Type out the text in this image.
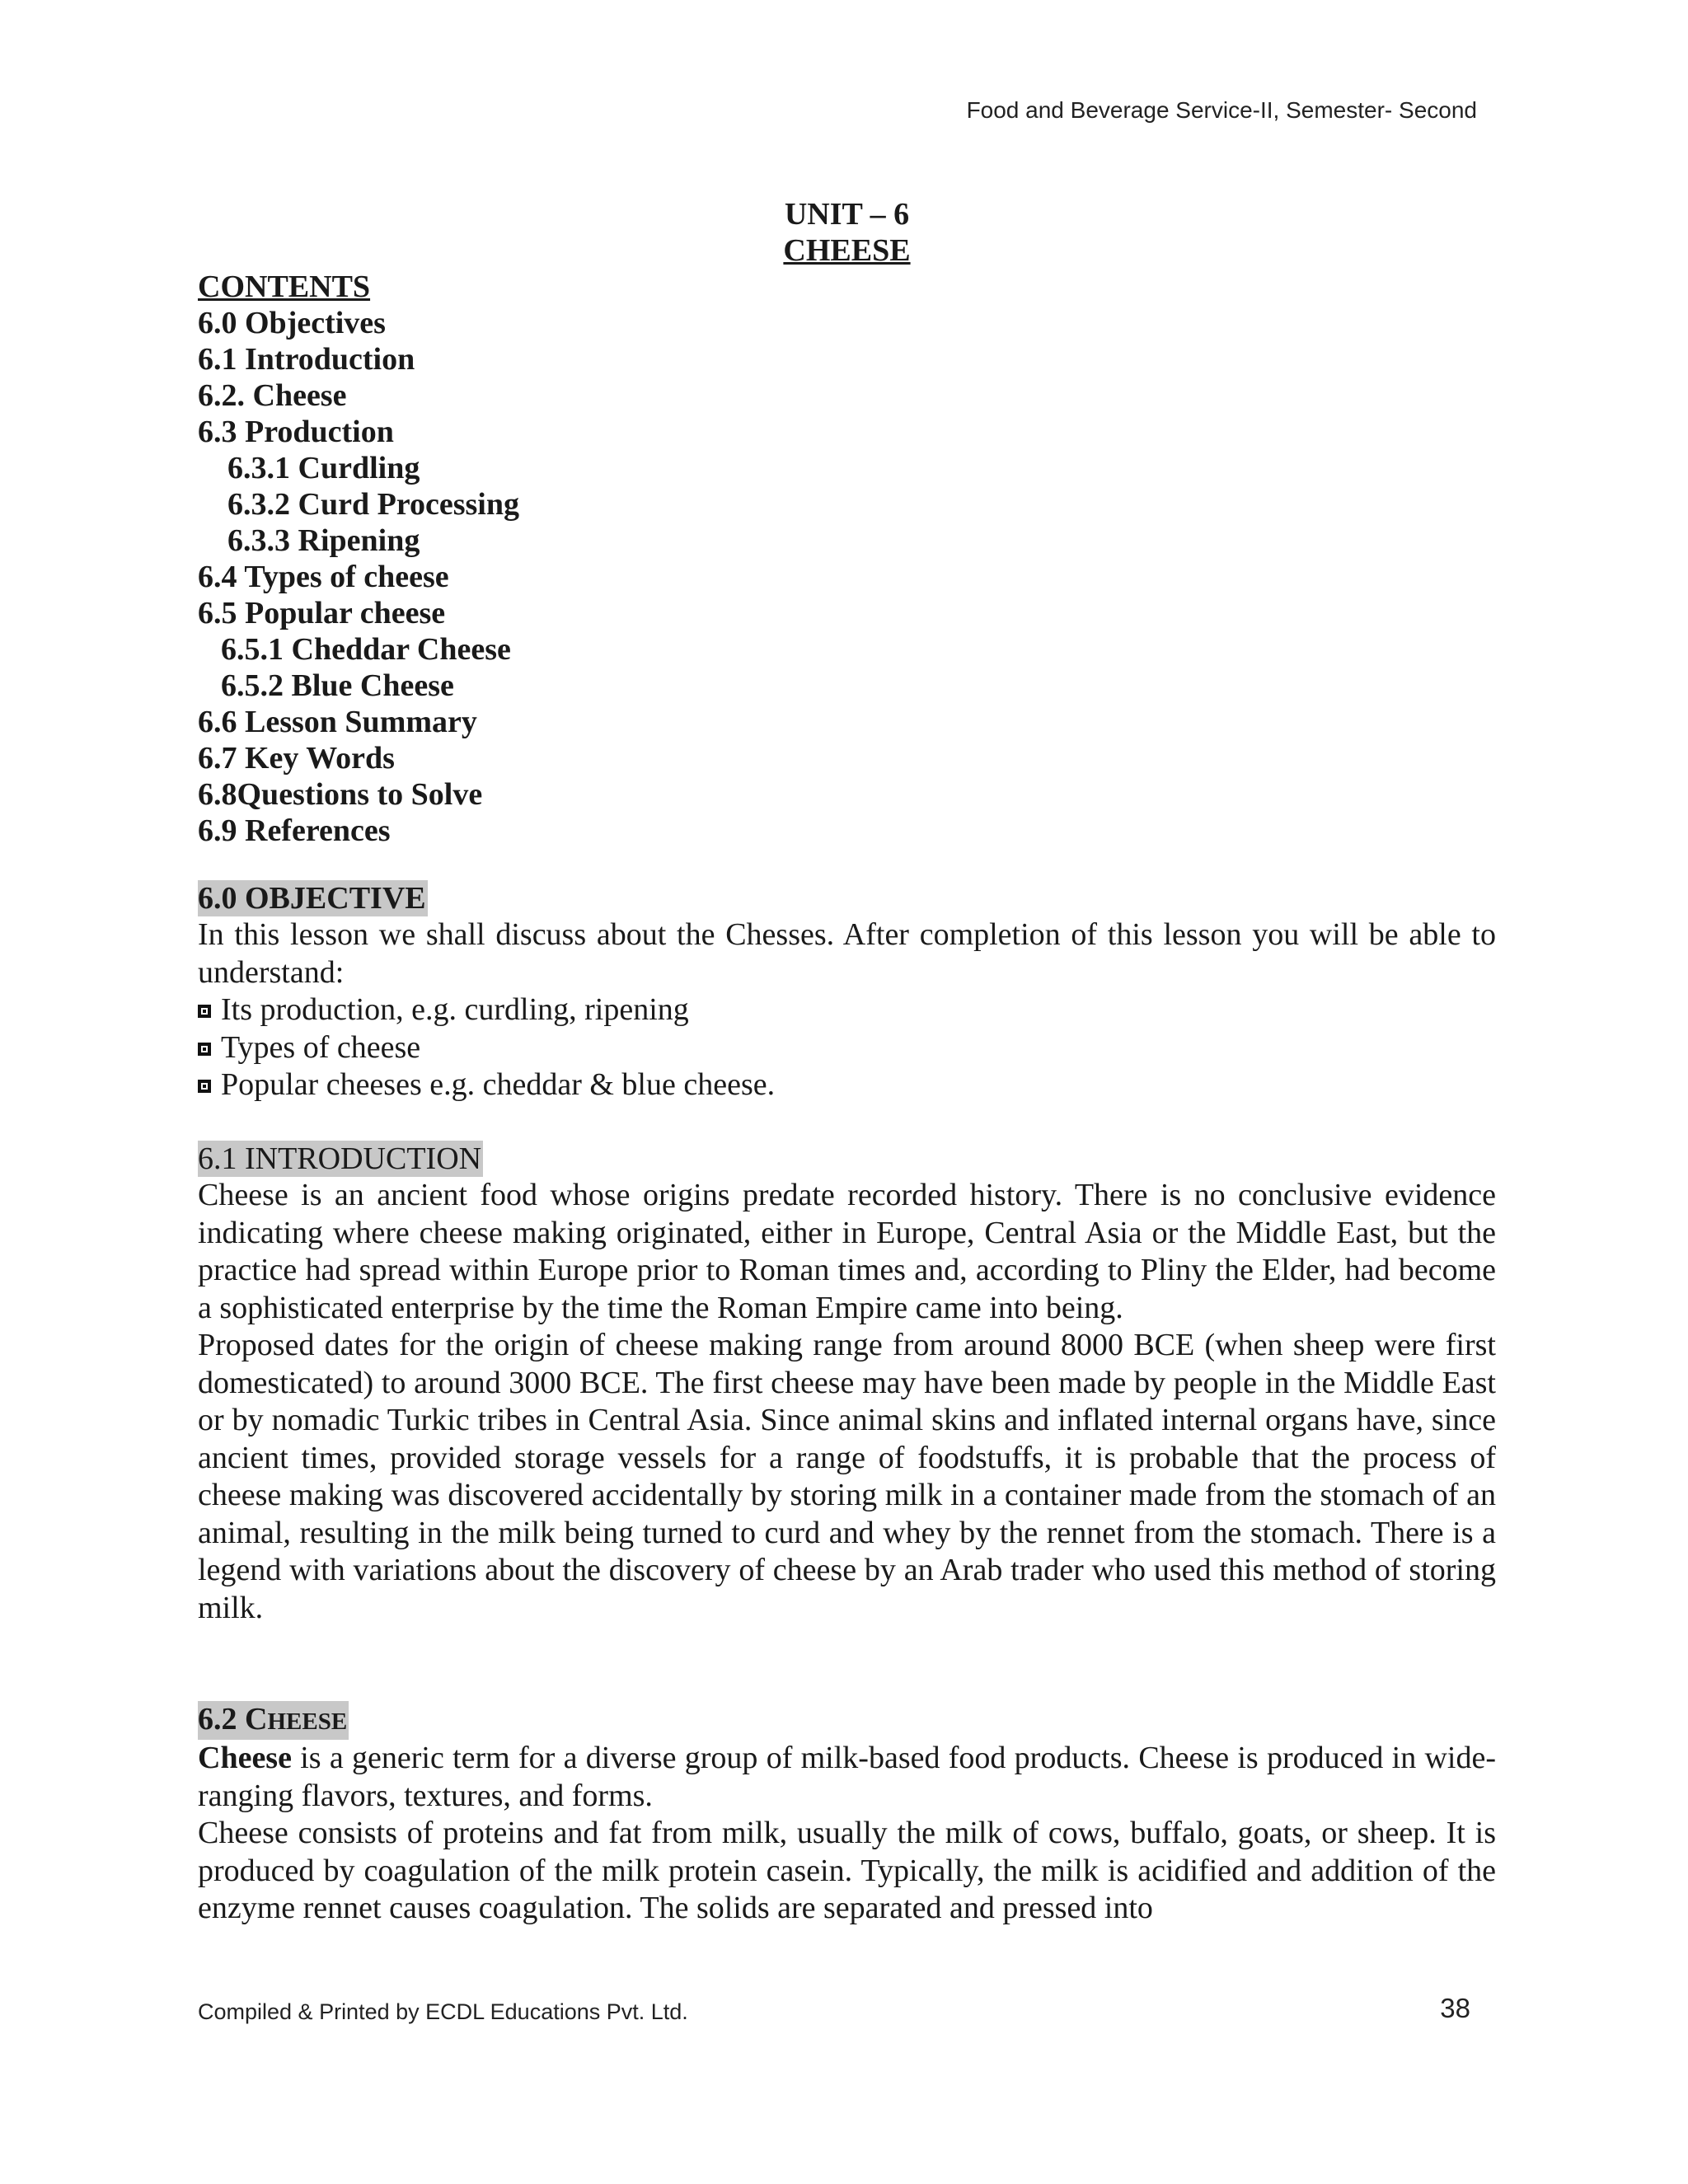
Food and Beverage Service-II, Semester- Second
UNIT – 6
CHEESE
CONTENTS
6.0 Objectives
6.1 Introduction
6.2. Cheese
6.3 Production
6.3.1 Curdling
6.3.2 Curd Processing
6.3.3 Ripening
6.4 Types of cheese
6.5 Popular cheese
6.5.1 Cheddar Cheese
6.5.2 Blue Cheese
6.6 Lesson Summary
6.7 Key Words
6.8Questions to Solve
6.9 References
6.0 OBJECTIVE

In this lesson we shall discuss about the Chesses. After completion of this lesson you will be able to understand:

Its production, e.g. curdling, ripening
Types of cheese
Popular cheeses e.g. cheddar & blue cheese.
6.1 INTRODUCTION

Cheese is an ancient food whose origins predate recorded history. There is no conclusive evidence indicating where cheese making originated, either in Europe, Central Asia or the Middle East, but the practice had spread within Europe prior to Roman times and, according to Pliny the Elder, had become a sophisticated enterprise by the time the Roman Empire came into being.

Proposed dates for the origin of cheese making range from around 8000 BCE (when sheep were first domesticated) to around 3000 BCE. The first cheese may have been made by people in the Middle East or by nomadic Turkic tribes in Central Asia. Since animal skins and inflated internal organs have, since ancient times, provided storage vessels for a range of foodstuffs, it is probable that the process of cheese making was discovered accidentally by storing milk in a container made from the stomach of an animal, resulting in the milk being turned to curd and whey by the rennet from the stomach. There is a legend with variations about the discovery of cheese by an Arab trader who used this method of storing milk.

6.2 CHEESE

Cheese is a generic term for a diverse group of milk-based food products. Cheese is produced in wide-ranging flavors, textures, and forms.

Cheese consists of proteins and fat from milk, usually the milk of cows, buffalo, goats, or sheep. It is produced by coagulation of the milk protein casein. Typically, the milk is acidified and addition of the enzyme rennet causes coagulation. The solids are separated and pressed into

Compiled & Printed by ECDL Educations Pvt. Ltd.	38
